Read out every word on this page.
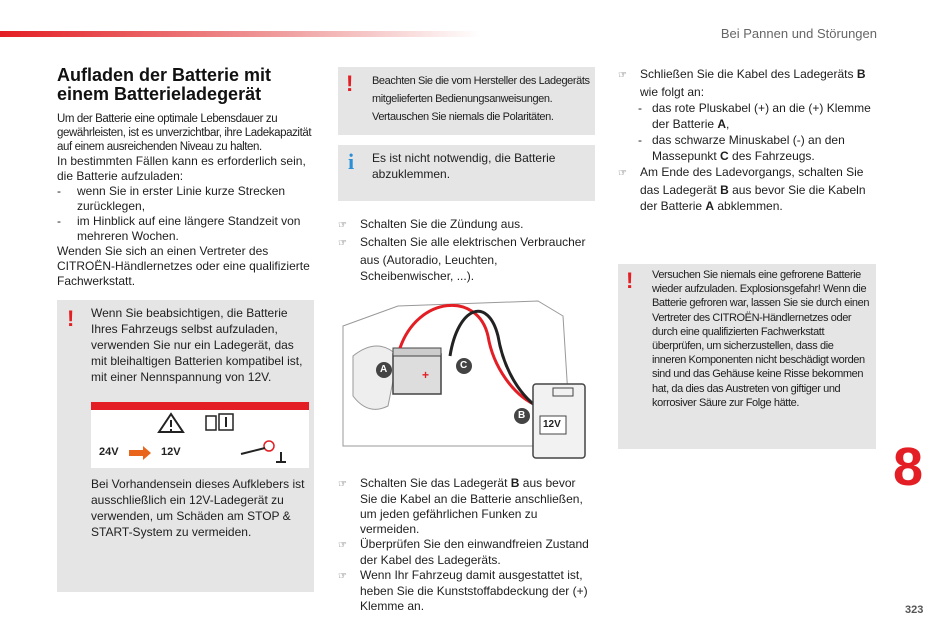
Bei Pannen und Störungen
Aufladen der Batterie mit einem Batterieladegerät
Um der Batterie eine optimale Lebensdauer zu gewährleisten, ist es unverzichtbar, ihre Ladekapazität auf einem ausreichenden Niveau zu halten.
In bestimmten Fällen kann es erforderlich sein, die Batterie aufzuladen:
- wenn Sie in erster Linie kurze Strecken zurücklegen,
- im Hinblick auf eine längere Standzeit von mehreren Wochen.
Wenden Sie sich an einen Vertreter des CITROËN-Händlernetzes oder eine qualifizierte Fachwerkstatt.
! Wenn Sie beabsichtigen, die Batterie Ihres Fahrzeugs selbst aufzuladen, verwenden Sie nur ein Ladegerät, das mit bleihaltigen Batterien kompatibel ist, mit einer Nennspannung von 12V.
24V	12V
Bei Vorhandensein dieses Aufklebers ist ausschließlich ein 12V-Ladegerät zu verwenden, um Schäden am STOP & START-System zu vermeiden.
! Beachten Sie die vom Hersteller des Ladegeräts mitgelieferten Bedienungsanweisungen. Vertauschen Sie niemals die Polaritäten.
i Es ist nicht notwendig, die Batterie abzuklemmen.
☞ Schalten Sie die Zündung aus.
☞ Schalten Sie alle elektrischen Verbraucher aus (Autoradio, Leuchten, Scheibenwischer, ...).
A	C
B
12V
+
☞ Schalten Sie das Ladegerät B aus bevor Sie die Kabel an die Batterie anschließen, um jeden gefährlichen Funken zu vermeiden.
☞ Überprüfen Sie den einwandfreien Zustand der Kabel des Ladegeräts.
☞ Wenn Ihr Fahrzeug damit ausgestattet ist, heben Sie die Kunststoffabdeckung der (+) Klemme an.
☞ Schließen Sie die Kabel des Ladegeräts B wie folgt an:
- das rote Pluskabel (+) an die (+) Klemme der Batterie A,
- das schwarze Minuskabel (-) an den Massepunkt C des Fahrzeugs.
☞ Am Ende des Ladevorgangs, schalten Sie das Ladegerät B aus bevor Sie die Kabeln der Batterie A abklemmen.
! Versuchen Sie niemals eine gefrorene Batterie wieder aufzuladen. Explosionsgefahr! Wenn die Batterie gefroren war, lassen Sie sie durch einen Vertreter des CITROËN-Händlernetzes oder durch eine qualifizierten Fachwerkstatt überprüfen, um sicherzustellen, dass die inneren Komponenten nicht beschädigt worden sind und das Gehäuse keine Risse bekommen hat, da dies das Austreten von giftiger und korrosiver Säure zur Folge hätte.
8
323
